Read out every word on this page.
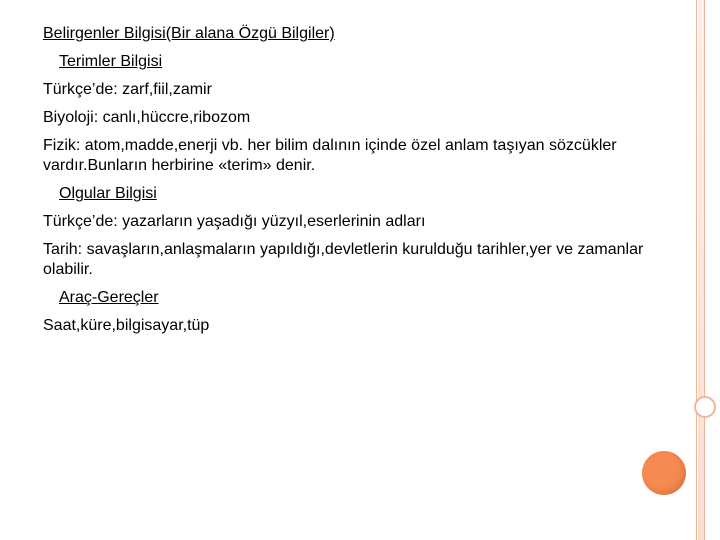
Belirgenler Bilgisi(Bir alana Özgü Bilgiler)

Terimler Bilgisi

Türkçe’de: zarf,fiil,zamir

Biyoloji: canlı,hüccre,ribozom

Fizik: atom,madde,enerji vb. her bilim dalının içinde özel anlam taşıyan sözcükler vardır.Bunların herbirine «terim» denir.

Olgular Bilgisi

Türkçe’de: yazarların yaşadığı yüzyıl,eserlerinin adları

Tarih: savaşların,anlaşmaların yapıldığı,devletlerin kurulduğu tarihler,yer ve zamanlar olabilir.

Araç-Gereçler

Saat,küre,bilgisayar,tüp
